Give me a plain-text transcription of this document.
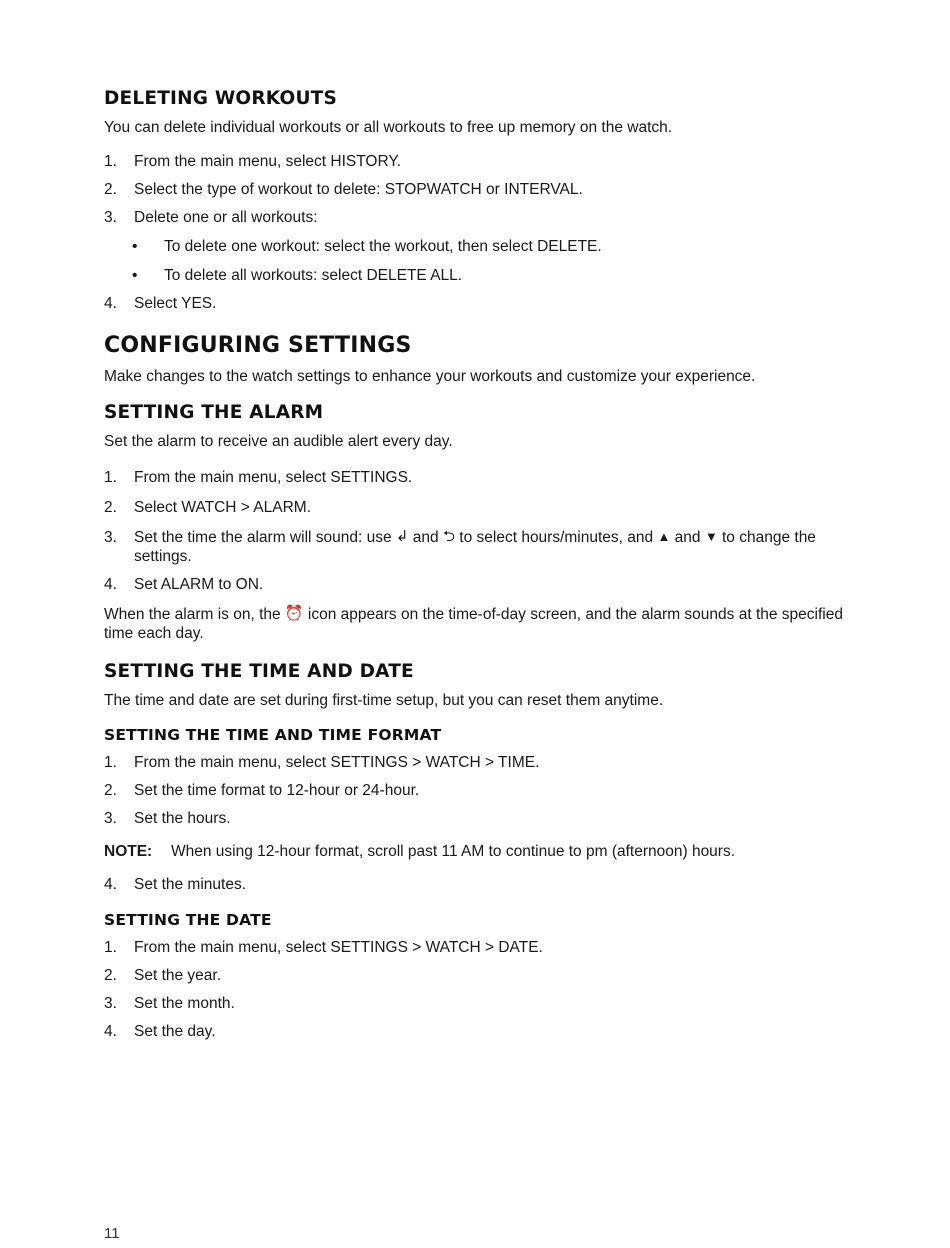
DELETING WORKOUTS

You can delete individual workouts or all workouts to free up memory on the watch.

1. From the main menu, select HISTORY.
2. Select the type of workout to delete: STOPWATCH or INTERVAL.
3. Delete one or all workouts:
• To delete one workout: select the workout, then select DELETE.
• To delete all workouts: select DELETE ALL.
4. Select YES.
CONFIGURING SETTINGS

Make changes to the watch settings to enhance your workouts and customize your experience.

SETTING THE ALARM

Set the alarm to receive an audible alert every day.

1. From the main menu, select SETTINGS.
2. Select WATCH > ALARM.
3. Set the time the alarm will sound: use ↲ and ⮌ to select hours/minutes, and ▲ and ▼ to change the settings.
4. Set ALARM to ON.

When the alarm is on, the ⏰ icon appears on the time-of-day screen, and the alarm sounds at the specified time each day.

SETTING THE TIME AND DATE

The time and date are set during first-time setup, but you can reset them anytime.

SETTING THE TIME AND TIME FORMAT
1. From the main menu, select SETTINGS > WATCH > TIME.
2. Set the time format to 12-hour or 24-hour.
3. Set the hours.
NOTE: When using 12-hour format, scroll past 11 AM to continue to pm (afternoon) hours.
4. Set the minutes.
SETTING THE DATE
1. From the main menu, select SETTINGS > WATCH > DATE.
2. Set the year.
3. Set the month.
4. Set the day.
11
